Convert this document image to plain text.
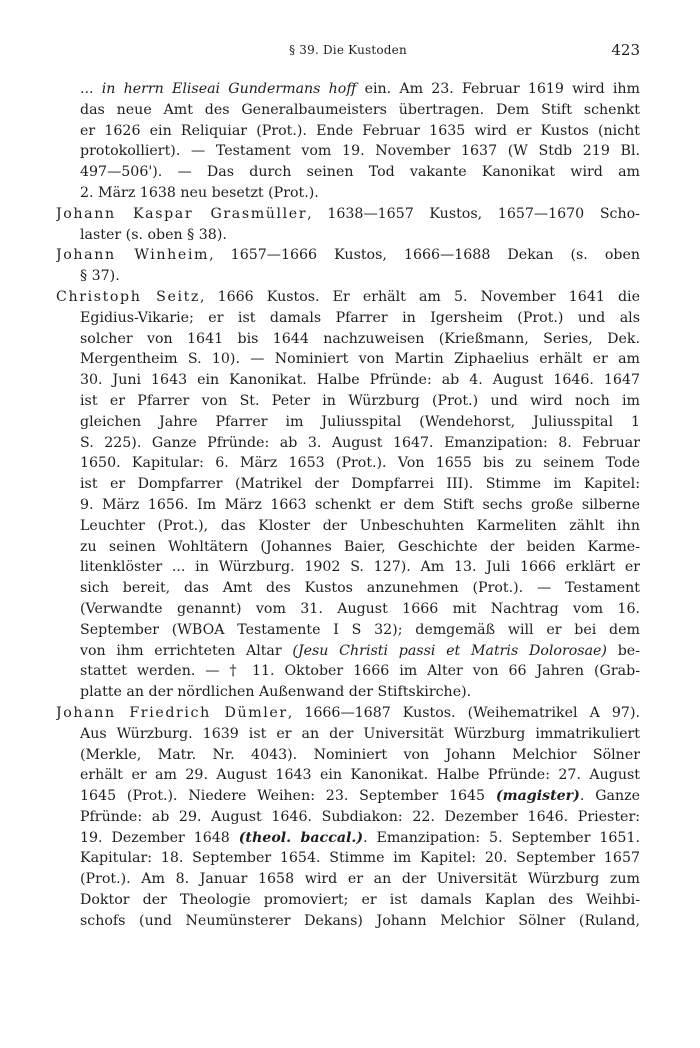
§ 39. Die Kustoden	423
... in herrn Eliseai Gundermans hoff ein. Am 23. Februar 1619 wird ihm
das neue Amt des Generalbaumeisters übertragen. Dem Stift schenkt
er 1626 ein Reliquiar (Prot.). Ende Februar 1635 wird er Kustos (nicht
protokolliert). — Testament vom 19. November 1637 (W Stdb 219 Bl.
497—506'). — Das durch seinen Tod vakante Kanonikat wird am
2. März 1638 neu besetzt (Prot.).
Johann Kaspar Grasmüller, 1638—1657 Kustos, 1657—1670 Scho-
laster (s. oben § 38).
Johann Winheim, 1657—1666 Kustos, 1666—1688 Dekan (s. oben
§ 37).
Christoph Seitz, 1666 Kustos. Er erhält am 5. November 1641 die
Egidius-Vikarie; er ist damals Pfarrer in Igersheim (Prot.) und als
solcher von 1641 bis 1644 nachzuweisen (Krießmann, Series, Dek.
Mergentheim S. 10). — Nominiert von Martin Ziphaelius erhält er am
30. Juni 1643 ein Kanonikat. Halbe Pfründe: ab 4. August 1646. 1647
ist er Pfarrer von St. Peter in Würzburg (Prot.) und wird noch im
gleichen Jahre Pfarrer im Juliusspital (Wendehorst, Juliusspital 1
S. 225). Ganze Pfründe: ab 3. August 1647. Emanzipation: 8. Februar
1650. Kapitular: 6. März 1653 (Prot.). Von 1655 bis zu seinem Tode
ist er Dompfarrer (Matrikel der Dompfarrei III). Stimme im Kapitel:
9. März 1656. Im März 1663 schenkt er dem Stift sechs große silberne
Leuchter (Prot.), das Kloster der Unbeschuhten Karmeliten zählt ihn
zu seinen Wohltätern (Johannes Baier, Geschichte der beiden Karme-
litenklöster ... in Würzburg. 1902 S. 127). Am 13. Juli 1666 erklärt er
sich bereit, das Amt des Kustos anzunehmen (Prot.). — Testament
(Verwandte genannt) vom 31. August 1666 mit Nachtrag vom 16.
September (WBOA Testamente I S 32); demgemäß will er bei dem
von ihm errichteten Altar (Jesu Christi passi et Matris Dolorosae) be-
stattet werden. — † 11. Oktober 1666 im Alter von 66 Jahren (Grab-
platte an der nördlichen Außenwand der Stiftskirche).
Johann Friedrich Dümler, 1666—1687 Kustos. (Weihematrikel A 97).
Aus Würzburg. 1639 ist er an der Universität Würzburg immatrikuliert
(Merkle, Matr. Nr. 4043). Nominiert von Johann Melchior Sölner
erhält er am 29. August 1643 ein Kanonikat. Halbe Pfründe: 27. August
1645 (Prot.). Niedere Weihen: 23. September 1645 (magister). Ganze
Pfründe: ab 29. August 1646. Subdiakon: 22. Dezember 1646. Priester:
19. Dezember 1648 (theol. baccal.). Emanzipation: 5. September 1651.
Kapitular: 18. September 1654. Stimme im Kapitel: 20. September 1657
(Prot.). Am 8. Januar 1658 wird er an der Universität Würzburg zum
Doktor der Theologie promoviert; er ist damals Kaplan des Weihbi-
schofs (und Neumünsterer Dekans) Johann Melchior Sölner (Ruland,
